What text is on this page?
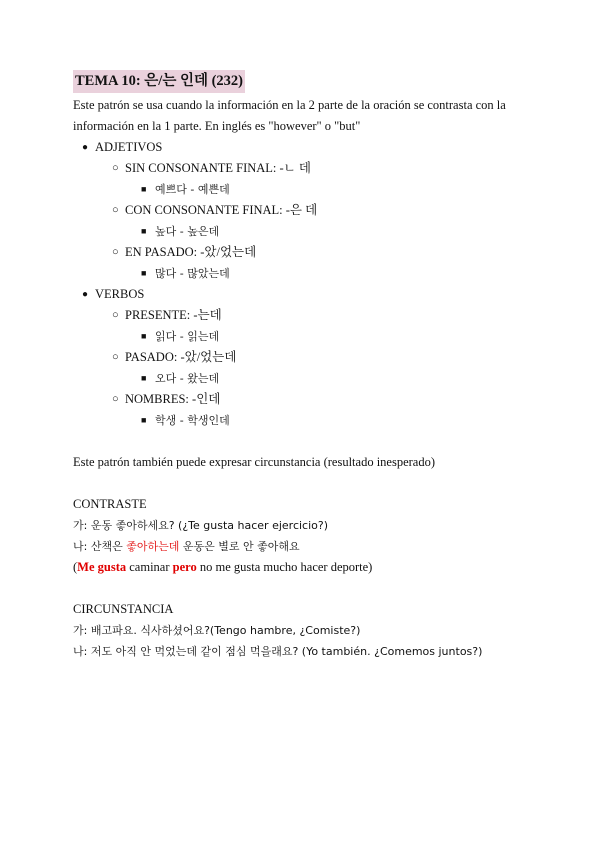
TEMA 10: 은/는 인데 (232)

Este patrón se usa cuando la información en la 2 parte de la oración se contrasta con la información en la 1 parte. En inglés es "however" o "but"

● ADJETIVOS
○ SIN CONSONANTE FINAL: -ㄴ 데
■ 예쁘다 - 예쁜데
○ CON CONSONANTE FINAL: -은 데
■ 높다 - 높은데
○ EN PASADO: -았/었는데
■ 많다 - 많았는데
● VERBOS
○ PRESENTE: -는데
■ 읽다 - 읽는데
○ PASADO: -았/었는데
■ 오다 - 왔는데
○ NOMBRES: -인데
■ 학생 - 학생인데

Este patrón también puede expresar circunstancia (resultado inesperado)

CONTRASTE

가: 운동 좋아하세요? (¿Te gusta hacer ejercicio?)

나: 산책은 좋아하는데 운동은 별로 안 좋아해요

(Me gusta caminar pero no me gusta mucho hacer deporte)

CIRCUNSTANCIA

가: 배고파요. 식사하셨어요?(Tengo hambre, ¿Comiste?)

나: 저도 아직 안 먹었는데 같이 점심 먹을래요? (Yo también. ¿Comemos juntos?)
